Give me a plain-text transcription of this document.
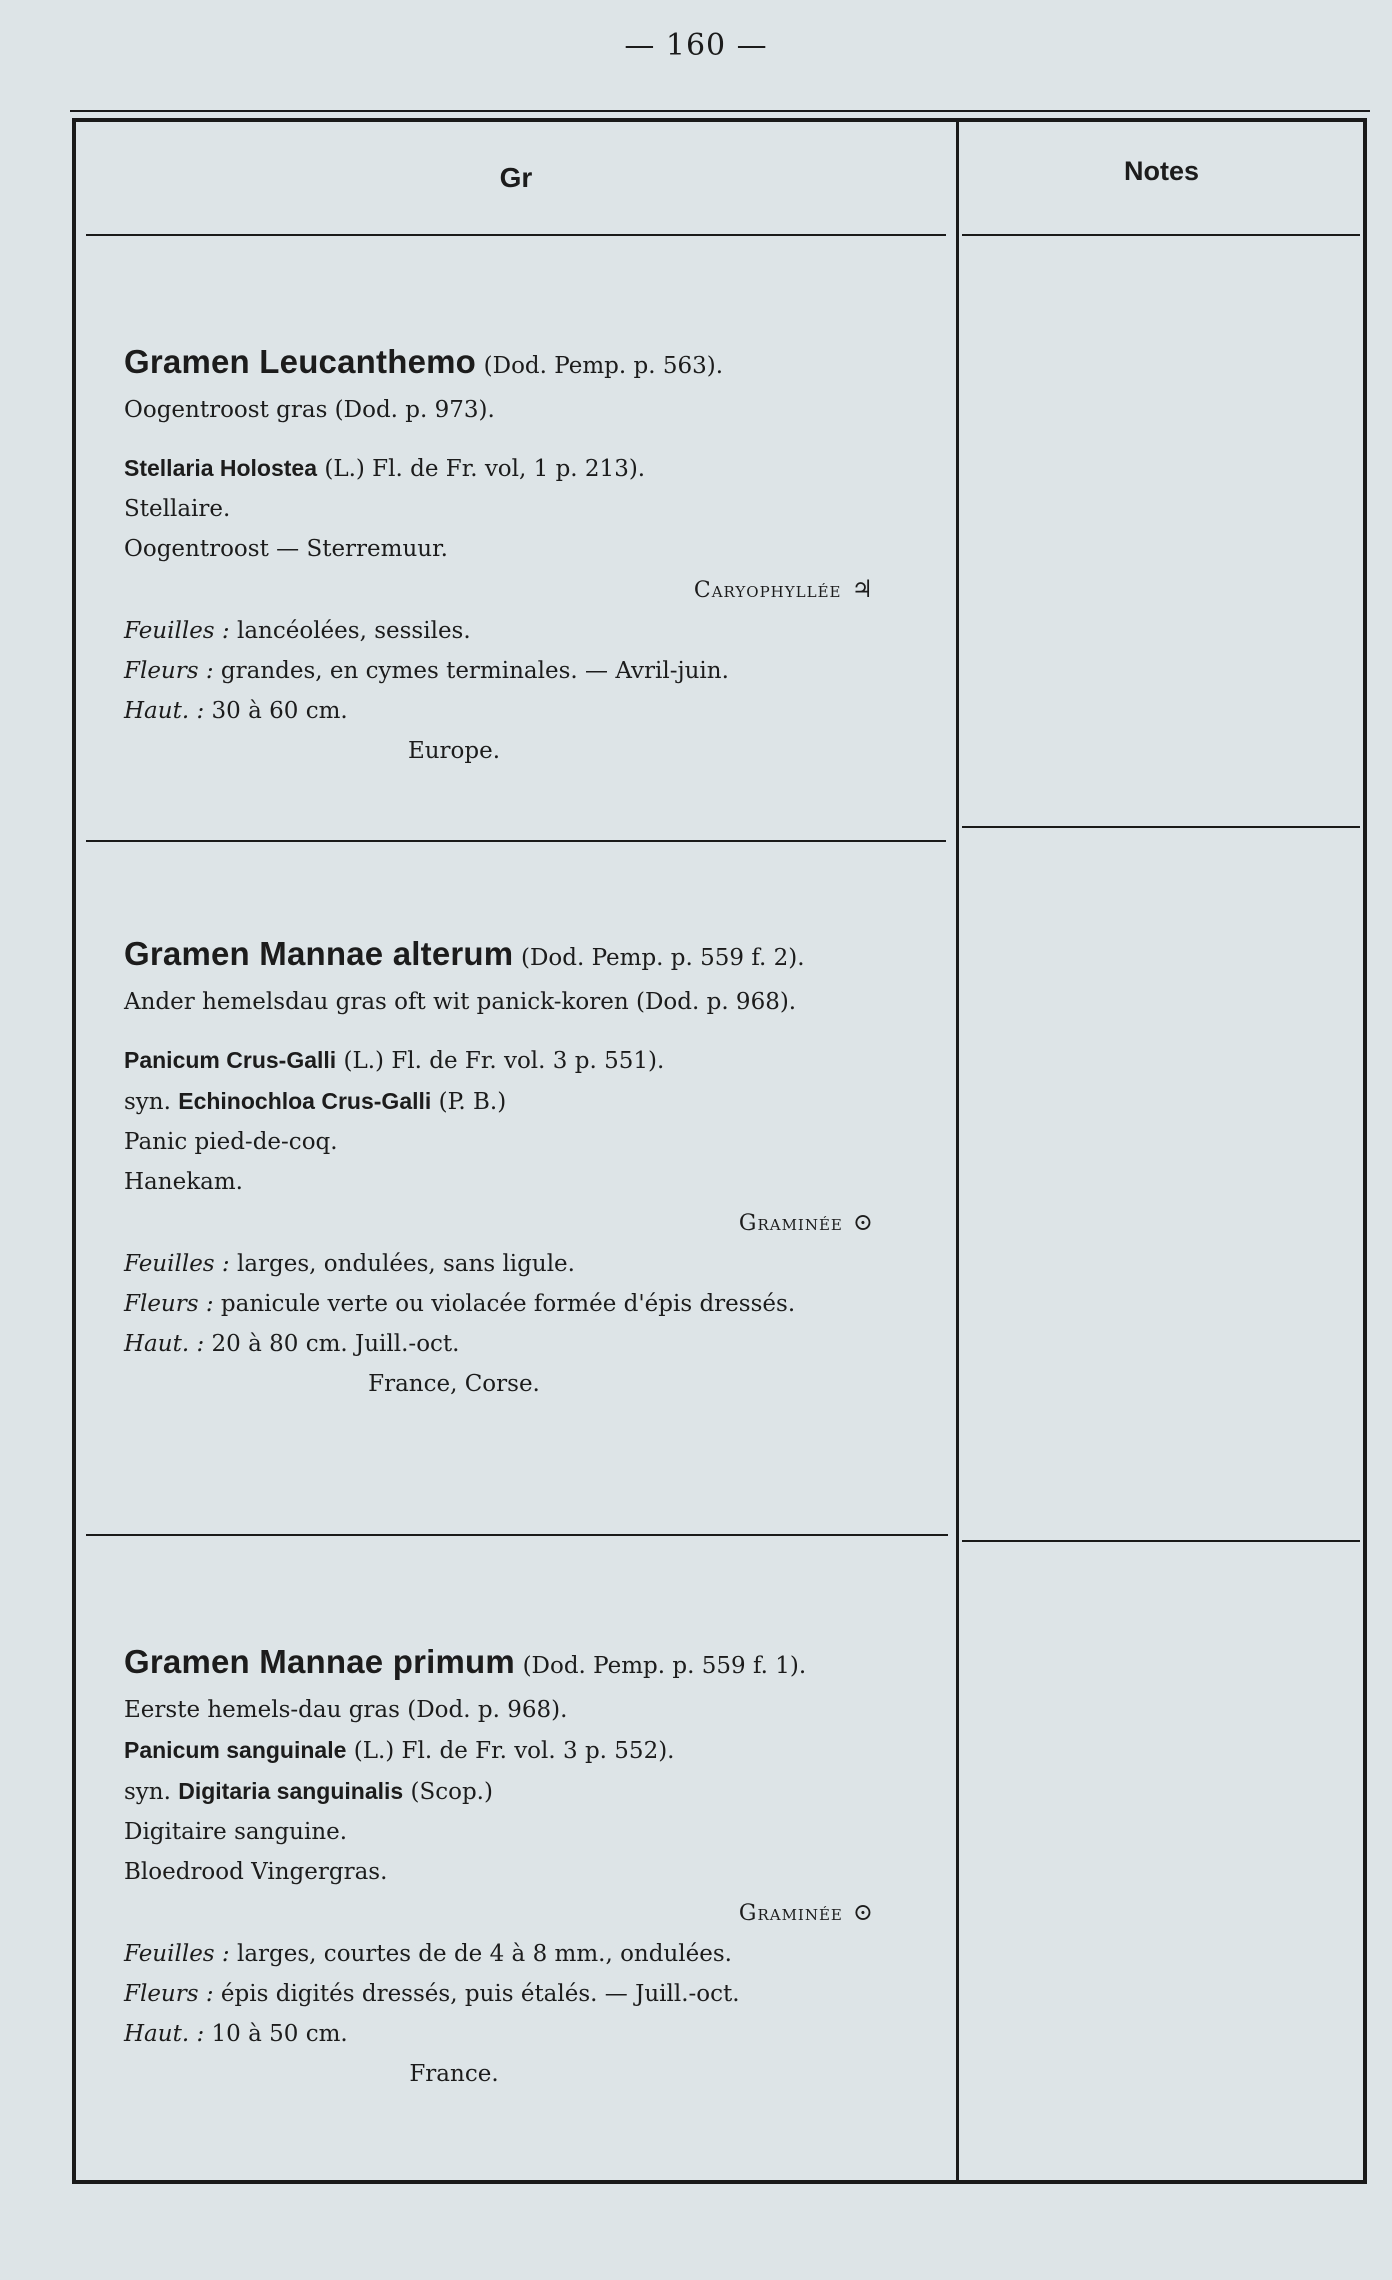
— 160 —
Gr	Notes
Gramen Leucanthemo (Dod. Pemp. p. 563).
Oogentroost gras (Dod. p. 973).
Stellaria Holostea (L.) Fl. de Fr. vol, 1 p. 213).
Stellaire.
Oogentroost — Sterremuur.
Caryophyllée ♃
Feuilles : lancéolées, sessiles.
Fleurs : grandes, en cymes terminales. — Avril-juin.
Haut. : 30 à 60 cm.
Europe.
Gramen Mannae alterum (Dod. Pemp. p. 559 f. 2).
Ander hemelsdau gras oft wit panick-koren (Dod. p. 968).
Panicum Crus-Galli (L.) Fl. de Fr. vol. 3 p. 551).
syn. Echinochloa Crus-Galli (P. B.)
Panic pied-de-coq.
Hanekam.
Graminée ⊙
Feuilles : larges, ondulées, sans ligule.
Fleurs : panicule verte ou violacée formée d'épis dressés.
Haut. : 20 à 80 cm. Juill.-oct.
France, Corse.
Gramen Mannae primum (Dod. Pemp. p. 559 f. 1).
Eerste hemels-dau gras (Dod. p. 968).
Panicum sanguinale (L.) Fl. de Fr. vol. 3 p. 552).
syn. Digitaria sanguinalis (Scop.)
Digitaire sanguine.
Bloedrood Vingergras.
Graminée ⊙
Feuilles : larges, courtes de de 4 à 8 mm., ondulées.
Fleurs : épis digités dressés, puis étalés. — Juill.-oct.
Haut. : 10 à 50 cm.
France.
